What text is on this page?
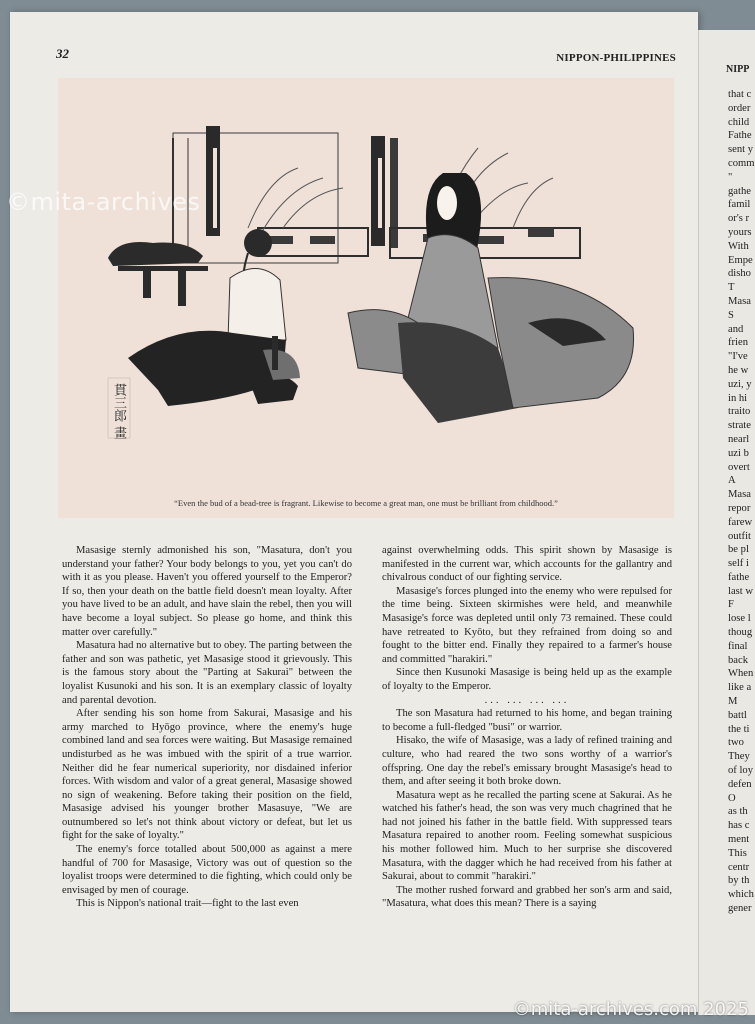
32	NIPPON-PHILIPPINES
貫三郎 畫
“Even the bud of a bead-tree is fragrant. Likewise to become a great man, one must be brilliant from childhood.”

Masasige sternly admonished his son, "Masatura, don't you understand your father? Your body belongs to you, yet you can't do with it as you please. Haven't you offered yourself to the Emperor? If so, then your death on the battle field doesn't mean loyalty. After you have lived to be an adult, and have slain the rebel, then you will have become a loyal subject. So please go home, and think this matter over carefully."

Masatura had no alternative but to obey. The parting between the father and son was pathetic, yet Masasige stood it grievously. This is the famous story about the "Parting at Sakurai" between the loyalist Kusunoki and his son. It is an exemplary classic of loyalty and parental devotion.

After sending his son home from Sakurai, Masasige and his army marched to Hyōgo province, where the enemy's huge combined land and sea forces were waiting. But Masasige remained undisturbed as he was imbued with the spirit of a true warrior. Neither did he fear numerical superiority, nor disdained inferior forces. With wisdom and valor of a great general, Masasige showed no sign of weakening. Before taking their position on the field, Masasige advised his younger brother Masasuye, "We are outnumbered so let's not think about victory or defeat, but let us fight for the sake of loyalty."

The enemy's force totalled about 500,000 as against a mere handful of 700 for Masasige, Victory was out of question so the loyalist troops were determined to die fighting, which could only be envisaged by men of courage.

This is Nippon's national trait—fight to the last even

against overwhelming odds. This spirit shown by Masasige is manifested in the current war, which accounts for the gallantry and chivalrous conduct of our fighting service.

Masasige's forces plunged into the enemy who were repulsed for the time being. Sixteen skirmishes were held, and meanwhile Masasige's force was depleted until only 73 remained. These could have retreated to Kyōto, but they refrained from doing so and fought to the bitter end. Finally they repaired to a farmer's house and committed "harakiri."

Since then Kusunoki Masasige is being held up as the example of loyalty to the Emperor.

... ... ... ...

The son Masatura had returned to his home, and began training to become a full-fledged "busi" or warrior.

Hisako, the wife of Masasige, was a lady of refined training and culture, who had reared the two sons worthy of a warrior's offspring. One day the rebel's emissary brought Masasige's head to them, and after seeing it both broke down.

Masatura wept as he recalled the parting scene at Sakurai. As he watched his father's head, the son was very much chagrined that he had not joined his father in the battle field. With suppressed tears Masatura repaired to another room. Feeling somewhat suspicious his mother followed him. Much to her surprise she discovered Masatura, with the dagger which he had received from his father at Sakurai, about to commit "harakiri."

The mother rushed forward and grabbed her son's arm and said, "Masatura, what does this mean? There is a saying

NIPP
that c
order
child
Fathe
sent y
comm
"
gathe
famil
or's r
yours
With
Empe
disho
T
Masa
S
and
frien
"I've
he w
uzi, y
in hi
traito
strate
nearl
uzi b
overt
A
Masa
repor
farew
outfit
be pl
self i
fathe
last w
F
lose l
thoug
final
back
When
like a
M
battl
the ti
two
They
of loy
defen
O
as th
has c
ment
This
centr
by th
which
gener
©mita-archives
©mita-archives.com 2025
